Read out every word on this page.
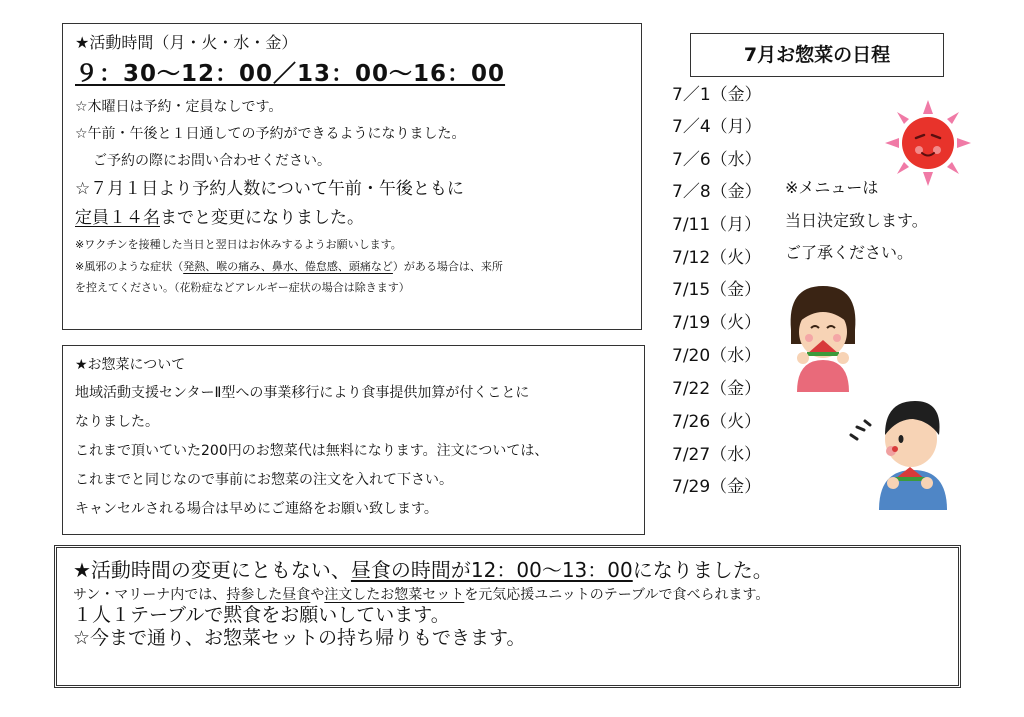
★活動時間（月・火・水・金）
９：30〜12：00／13：00〜16：00
☆木曜日は予約・定員なしです。
☆午前・午後と１日通しての予約ができるようになりました。
ご予約の際にお問い合わせください。
☆７月１日より予約人数について午前・午後ともに
定員１４名までと変更になりました。
※ワクチンを接種した当日と翌日はお休みするようお願いします。
※風邪のような症状（発熱、喉の痛み、鼻水、倦怠感、頭痛など）がある場合は、来所
を控えてください。（花粉症などアレルギー症状の場合は除きます）
★お惣菜について
地域活動支援センターⅡ型への事業移行により食事提供加算が付くことに
なりました。
これまで頂いていた200円のお惣菜代は無料になります。注文については、
これまでと同じなので事前にお惣菜の注文を入れて下さい。
キャンセルされる場合は早めにご連絡をお願い致します。
★活動時間の変更にともない、昼食の時間が12：00〜13：00になりました。
サン・マリーナ内では、持参した昼食や注文したお惣菜セットを元気応援ユニットのテーブルで食べられます。
１人１テーブルで黙食をお願いしています。
☆今まで通り、お惣菜セットの持ち帰りもできます。
7月お惣菜の日程
7／1（金）
7／4（月）
7／6（水）
7／8（金）
7/11（月）
7/12（火）
7/15（金）
7/19（火）
7/20（水）
7/22（金）
7/26（火）
7/27（水）
7/29（金）
※メニューは
当日決定致します。
ご了承ください。
